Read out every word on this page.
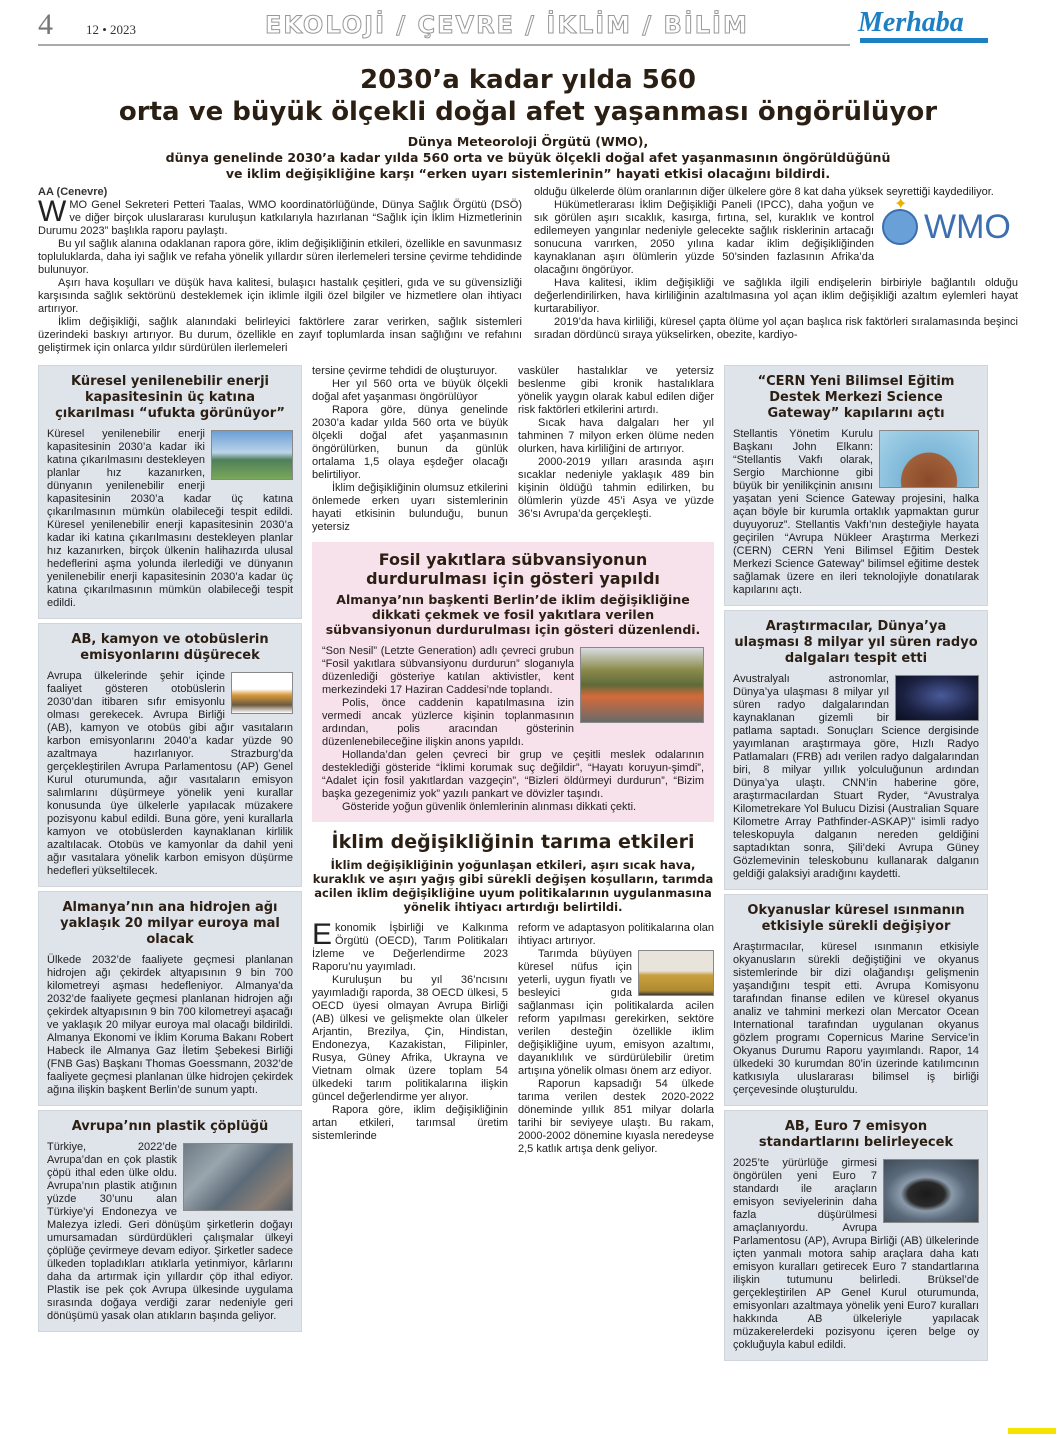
4	12 • 2023	EKOLOJİ / ÇEVRE / İKLİM / BİLİM	Merhaba
2030’a kadar yılda 560
orta ve büyük ölçekli doğal afet yaşanması öngörülüyor
Dünya Meteoroloji Örgütü (WMO),
dünya genelinde 2030’a kadar yılda 560 orta ve büyük ölçekli doğal afet yaşanmasının öngörüldüğünü
ve iklim değişikliğine karşı “erken uyarı sistemlerinin” hayati etkisi olacağını bildirdi.
AA (Cenevre)

WMO Genel Sekreteri Petteri Taalas, WMO koordinatörlüğünde, Dünya Sağlık Örgütü (DSÖ) ve diğer birçok uluslararası kuruluşun katkılarıyla hazırlanan “Sağlık için İklim Hizmetlerinin Durumu 2023” başlıkla raporu paylaştı.

Bu yıl sağlık alanına odaklanan rapora göre, iklim değişikliğinin etkileri, özellikle en savunmasız topluluklarda, daha iyi sağlık ve refaha yönelik yıllardır süren ilerlemeleri tersine çevirme tehdidinde bulunuyor.

Aşırı hava koşulları ve düşük hava kalitesi, bulaşıcı hastalık çeşitleri, gıda ve su güvensizliği karşısında sağlık sektörünü desteklemek için iklimle ilgili özel bilgiler ve hizmetlere olan ihtiyacı artırıyor.

İklim değişikliği, sağlık alanındaki belirleyici faktörlere zarar verirken, sağlık sistemleri üzerindeki baskıyı artırıyor. Bu durum, özellikle en zayıf toplumlarda insan sağlığını ve refahını geliştirmek için onlarca yıldır sürdürülen ilerlemeleri

olduğu ülkelerde ölüm oranlarının diğer ülkelere göre 8 kat daha yüksek seyrettiği kaydediliyor.

✦
WMO

Hükümetlerarası İklim Değişikliği Paneli (IPCC), daha yoğun ve sık görülen aşırı sıcaklık, kasırga, fırtına, sel, kuraklık ve kontrol edilemeyen yangınlar nedeniyle gelecekte sağlık risklerinin artacağı sonucuna varırken, 2050 yılına kadar iklim değişikliğinden kaynaklanan aşırı ölümlerin yüzde 50’sinden fazlasının Afrika’da olacağını öngörüyor.

Hava kalitesi, iklim değişikliği ve sağlıkla ilgili endişelerin birbiriyle bağlantılı olduğu değerlendirilirken, hava kirliliğinin azaltılmasına yol açan iklim değişikliği azaltım eylemleri hayat kurtarabiliyor.

2019’da hava kirliliği, küresel çapta ölüme yol açan başlıca risk faktörleri sıralamasında beşinci sıradan dördüncü sıraya yükselirken, obezite, kardiyo-

Küresel yenilenebilir enerji kapasitesinin üç katına çıkarılması “ufukta görünüyor”
Küresel yenilenebilir enerji kapasitesinin 2030’a kadar iki katına çıkarılmasını destekleyen planlar hız kazanırken, dünyanın yenilenebilir enerji kapasitesinin 2030’a kadar üç katına çıkarılmasının mümkün olabileceği tespit edildi. Küresel yenilenebilir enerji kapasitesinin 2030’a kadar iki katına çıkarılmasını destekleyen planlar hız kazanırken, birçok ülkenin halihazırda ulusal hedeflerini aşma yolunda ilerlediği ve dünyanın yenilenebilir enerji kapasitesinin 2030’a kadar üç katına çıkarılmasının mümkün olabileceği tespit edildi.
AB, kamyon ve otobüslerin emisyonlarını düşürecek
Avrupa ülkelerinde şehir içinde faaliyet gösteren otobüslerin 2030’dan itibaren sıfır emisyonlu olması gerekecek. Avrupa Birliği (AB), kamyon ve otobüs gibi ağır vasıtaların karbon emisyonlarını 2040’a kadar yüzde 90 azaltmaya hazırlanıyor. Strazburg’da gerçekleştirilen Avrupa Parlamentosu (AP) Genel Kurul oturumunda, ağır vasıtaların emisyon salımlarını düşürmeye yönelik yeni kurallar konusunda üye ülkelerle yapılacak müzakere pozisyonu kabul edildi. Buna göre, yeni kurallarla kamyon ve otobüslerden kaynaklanan kirlilik azaltılacak. Otobüs ve kamyonlar da dahil yeni ağır vasıtalara yönelik karbon emisyon düşürme hedefleri yükseltilecek.
Almanya’nın ana hidrojen ağı yaklaşık 20 milyar euroya mal olacak
Ülkede 2032’de faaliyete geçmesi planlanan hidrojen ağı çekirdek altyapısının 9 bin 700 kilometreyi aşması hedefleniyor. Almanya’da 2032’de faaliyete geçmesi planlanan hidrojen ağı çekirdek altyapısının 9 bin 700 kilometreyi aşacağı ve yaklaşık 20 milyar euroya mal olacağı bildirildi. Almanya Ekonomi ve İklim Koruma Bakanı Robert Habeck ile Almanya Gaz İletim Şebekesi Birliği (FNB Gas) Başkanı Thomas Goessmann, 2032’de faaliyete geçmesi planlanan ülke hidrojen çekirdek ağına ilişkin başkent Berlin’de sunum yaptı.
Avrupa’nın plastik çöplüğü
Türkiye, 2022’de Avrupa’dan en çok plastik çöpü ithal eden ülke oldu. Avrupa’nın plastik atığının yüzde 30’unu alan Türkiye’yi Endonezya ve Malezya izledi. Geri dönüşüm şirketlerin doğayı umursamadan sürdürdükleri çalışmalar ülkeyi çöplüğe çevirmeye devam ediyor. Şirketler sadece ülkeden topladıkları atıklarla yetinmiyor, kârlarını daha da artırmak için yıllardır çöp ithal ediyor. Plastik ise pek çok Avrupa ülkesinde uygulama sırasında doğaya verdiği zarar nedeniyle geri dönüşümü yasak olan atıkların başında geliyor.

tersine çevirme tehdidi de oluşturuyor.

Her yıl 560 orta ve büyük ölçekli doğal afet yaşanması öngörülüyor

Rapora göre, dünya genelinde 2030’a kadar yılda 560 orta ve büyük ölçekli doğal afet yaşanmasının öngörülürken, bunun da günlük ortalama 1,5 olaya eşdeğer olacağı belirtiliyor.

İklim değişikliğinin olumsuz etkilerini önlemede erken uyarı sistemlerinin hayati etkisinin bulunduğu, bunun yetersiz

vasküler hastalıklar ve yetersiz beslenme gibi kronik hastalıklara yönelik yaygın olarak kabul edilen diğer risk faktörleri etkilerini artırdı.

Sıcak hava dalgaları her yıl tahminen 7 milyon erken ölüme neden olurken, hava kirliliğini de artırıyor.

2000-2019 yılları arasında aşırı sıcaklar nedeniyle yaklaşık 489 bin kişinin öldüğü tahmin edilirken, bu ölümlerin yüzde 45’i Asya ve yüzde 36’sı Avrupa’da gerçekleşti.

Fosil yakıtlara sübvansiyonun durdurulması için gösteri yapıldı
Almanya’nın başkenti Berlin’de iklim değişikliğine dikkati çekmek ve fosil yakıtlara verilen sübvansiyonun durdurulması için gösteri düzenlendi.

“Son Nesil” (Letzte Generation) adlı çevreci grubun “Fosil yakıtlara sübvansiyonu durdurun” sloganıyla düzenlediği gösteriye katılan aktivistler, kent merkezindeki 17 Haziran Caddesi’nde toplandı.

Polis, önce caddenin kapatılmasına izin vermedi ancak yüzlerce kişinin toplanmasının ardından, polis aracından gösterinin düzenlenebileceğine ilişkin anons yapıldı.

Hollanda’dan gelen çevreci bir grup ve çeşitli meslek odalarının desteklediği gösteride “İklimi korumak suç değildir”, “Hayatı koruyun-şimdi”, “Adalet için fosil yakıtlardan vazgeçin”, “Bizleri öldürmeyi durdurun”, “Bizim başka gezegenimiz yok” yazılı pankart ve dövizler taşındı.

Gösteride yoğun güvenlik önlemlerinin alınması dikkati çekti.

İklim değişikliğinin tarıma etkileri
İklim değişikliğinin yoğunlaşan etkileri, aşırı sıcak hava, kuraklık ve aşırı yağış gibi sürekli değişen koşulların, tarımda acilen iklim değişikliğine uyum politikalarının uygulanmasına yönelik ihtiyacı artırdığı belirtildi.

Ekonomik İşbirliği ve Kalkınma Örgütü (OECD), Tarım Politikaları İzleme ve Değerlendirme 2023 Raporu’nu yayımladı.

Kuruluşun bu yıl 36’ncısını yayımladığı raporda, 38 OECD ülkesi, 5 OECD üyesi olmayan Avrupa Birliği (AB) ülkesi ve gelişmekte olan ülkeler Arjantin, Brezilya, Çin, Hindistan, Endonezya, Kazakistan, Filipinler, Rusya, Güney Afrika, Ukrayna ve Vietnam olmak üzere toplam 54 ülkedeki tarım politikalarına ilişkin güncel değerlendirme yer alıyor.

Rapora göre, iklim değişikliğinin artan etkileri, tarımsal üretim sistemlerinde

reform ve adaptasyon politikalarına olan ihtiyacı artırıyor.

Tarımda büyüyen küresel nüfus için yeterli, uygun fiyatlı ve besleyici gıda sağlanması için politikalarda acilen reform yapılması gerekirken, sektöre verilen desteğin özellikle iklim değişikliğine uyum, emisyon azaltımı, dayanıklılık ve sürdürülebilir üretim artışına yönelik olması önem arz ediyor.

Raporun kapsadığı 54 ülkede tarıma verilen destek 2020-2022 döneminde yıllık 851 milyar dolarla tarihi bir seviyeye ulaştı. Bu rakam, 2000-2002 dönemine kıyasla neredeyse 2,5 katlık artışa denk geliyor.

“CERN Yeni Bilimsel Eğitim Destek Merkezi Science Gateway” kapılarını açtı
Stellantis Yönetim Kurulu Başkanı John Elkann: “Stellantis Vakfı olarak, Sergio Marchionne gibi büyük bir yenilikçinin anısını yaşatan yeni Science Gateway projesini, halka açan böyle bir kurumla ortaklık yapmaktan gurur duyuyoruz”. Stellantis Vakfı’nın desteğiyle hayata geçirilen “Avrupa Nükleer Araştırma Merkezi (CERN) CERN Yeni Bilimsel Eğitim Destek Merkezi Science Gateway” bilimsel eğitime destek sağlamak üzere en ileri teknolojiyle donatılarak kapılarını açtı.
Araştırmacılar, Dünya’ya ulaşması 8 milyar yıl süren radyo dalgaları tespit etti
Avustralyalı astronomlar, Dünya’ya ulaşması 8 milyar yıl süren radyo dalgalarından kaynaklanan gizemli bir patlama saptadı. Sonuçları Science dergisinde yayımlanan araştırmaya göre, Hızlı Radyo Patlamaları (FRB) adı verilen radyo dalgalarından biri, 8 milyar yıllık yolculuğunun ardından Dünya’ya ulaştı. CNN’in haberine göre, araştırmacılardan Stuart Ryder, “Avustralya Kilometrekare Yol Bulucu Dizisi (Australian Square Kilometre Array Pathfinder-ASKAP)” isimli radyo teleskopuyla dalganın nereden geldiğini saptadıktan sonra, Şili’deki Avrupa Güney Gözlemevinin teleskobunu kullanarak dalganın geldiği galaksiyi aradığını kaydetti.
Okyanuslar küresel ısınmanın etkisiyle sürekli değişiyor
Araştırmacılar, küresel ısınmanın etkisiyle okyanusların sürekli değiştiğini ve okyanus sistemlerinde bir dizi olağandışı gelişmenin yaşandığını tespit etti. Avrupa Komisyonu tarafından finanse edilen ve küresel okyanus analiz ve tahmini merkezi olan Mercator Ocean International tarafından uygulanan okyanus gözlem programı Copernicus Marine Service’in Okyanus Durumu Raporu yayımlandı. Rapor, 14 ülkedeki 30 kurumdan 80’in üzerinde katılımcının katkısıyla uluslararası bilimsel iş birliği çerçevesinde oluşturuldu.
AB, Euro 7 emisyon standartlarını belirleyecek
2025’te yürürlüğe girmesi öngörülen yeni Euro 7 standardı ile araçların emisyon seviyelerinin daha fazla düşürülmesi amaçlanıyordu. Avrupa Parlamentosu (AP), Avrupa Birliği (AB) ülkelerinde içten yanmalı motora sahip araçlara daha katı emisyon kuralları getirecek Euro 7 standartlarına ilişkin tutumunu belirledi. Brüksel’de gerçekleştirilen AP Genel Kurul oturumunda, emisyonları azaltmaya yönelik yeni Euro7 kuralları hakkında AB ülkeleriyle yapılacak müzakerelerdeki pozisyonu içeren belge oy çokluğuyla kabul edildi.
